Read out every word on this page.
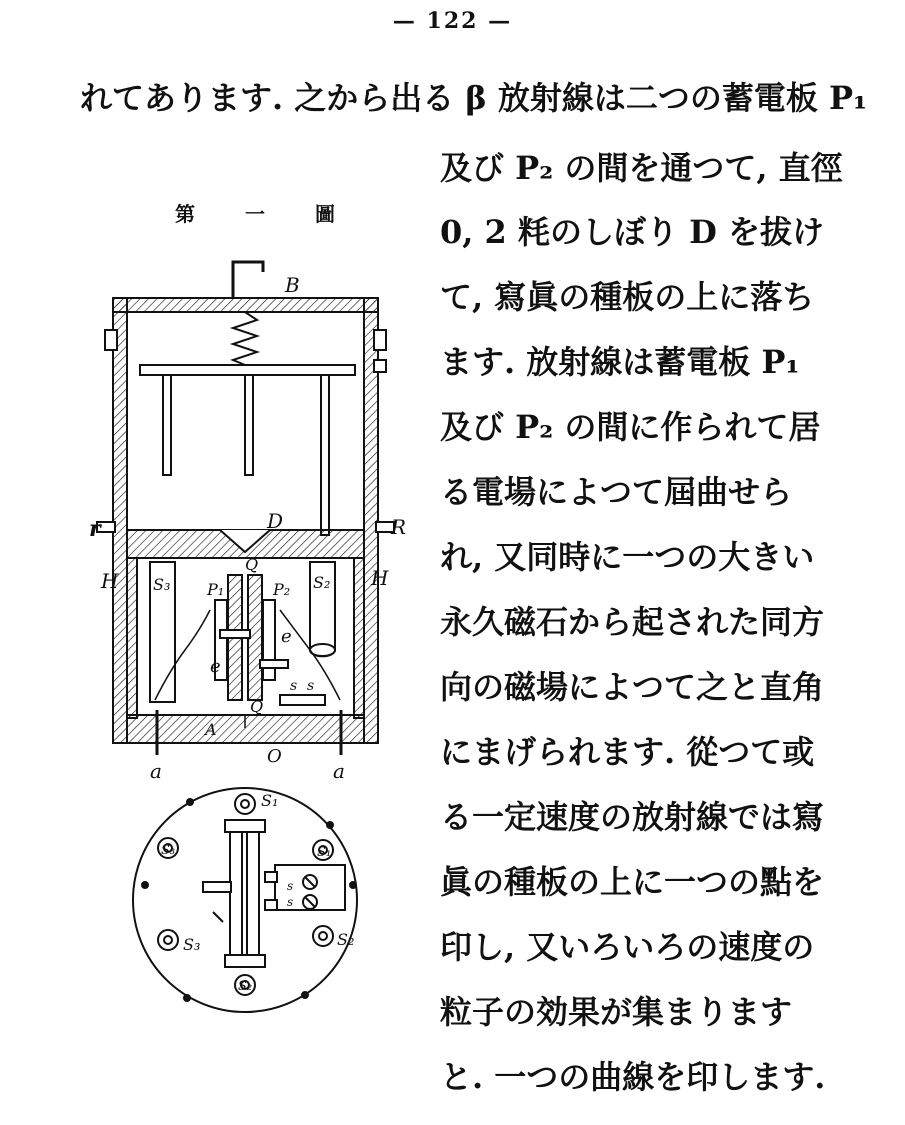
— 122 —
れてあります. 之から出る β 放射線は二つの蓄電板 P₁
及び P₂ の間を通つて, 直徑
0, 2 粍のしぼり D を拔け
て, 寫眞の種板の上に落ち
ます. 放射線は蓄電板 P₁
及び P₂ の間に作られて居
る電場によつて屆曲せら
れ, 又同時に一つの大きい
永久磁石から起された同方
向の磁場によつて之と直角
にまげられます. 從つて或
る一定速度の放射線では寫
眞の種板の上に一つの點を
印し, 又いろいろの速度の
粒子の効果が集まります
と. 一つの曲線を印します.
第	一	圖
B
D
r	R
H	H
S₃	S₂
P₁	P₂
Q
Q
e
e
s s
A
O
a	a
S₁
S₁
S₃
S₃	S₂
S₂
s
s
